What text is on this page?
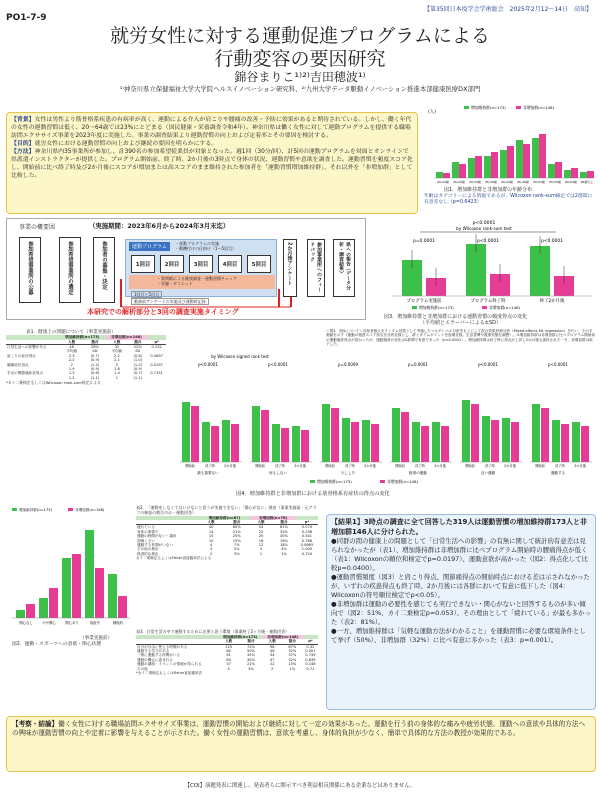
PO1-7-9
【第35回日本疫学会学術総会　2025年2月12～14日　高知】
就労女性に対する運動促進プログラムによる
行動変容の要因研究
錦谷まりこ¹⁾²⁾吉田穂波¹⁾
¹⁾神奈川県立保健福祉大学大学院ヘルスイノベーション研究科、²⁾九州大学データ駆動イノベーション推進本部健康医療DX部門
【背景】女性は男性より筋骨格系疾患の有病率が高く、運動による介入が肩こりや腰痛の改善・予防に効果があると期待されている。しかし、働く年代の女性の運動習慣は低く、20～64歳では23%にとどまる（国民健康・栄養調査令和4年）。神奈川県は働く女性に対して運動プログラムを提供する職場訪問エクササイズ事業を2023年度に実施した。事業の調査結果より運動習慣の向上および定着率とその要因を検討する。
【目的】就労女性における運動習慣の向上および継続の要因を明らかにする。
【方法】神奈川県内35事業所が参加し、計390名の参加希望従業員が対象となった。週1回（30分/回）、計5回の運動プログラムを対面とオンラインで県派遣インストラクターが提供した。プログラム開始前、終了時、2か月後の3時点で身体の状況、運動習慣や意欲を調査した。運動習慣を頻度スコア化し、開始前に比べ終了時及び2か月後にスコアが増加または高スコアのまま維持された参加者を「運動習慣増加維持群」、それ以外を「非増加群」として比較した。
(人)
増加維持群(n=173)	非増加群(n=146)
20-24歳 25-29歳 30-34歳 35-39歳 40-44歳 45-49歳 50-54歳 55-59歳 60-64歳 65歳以上
図1．増加維持群と非増加群の年齢分布
年齢はカテゴリーによる情報であるが、Wilcoxon rank-sum検定では2群間に有意差なし（p=0.6423）
事業の概要図	（実施期間：2023年6月から2024年3月末迄）
参加希望事業所の公募	参加希望事業所の選定	参加者の募集・決定	運動プログラム
・運動プログラムの実施
・動機付けの仕掛け（1～5回目）
・質問紙による健康調査・運動習慣チェック
・栄養・ダイエット
1回目	2回目	3回目	4回目	5回目	2か月後アンケート	参加事業所へのフィードバック	県への報告（データ分析・調査結果）
1回目と5回目
勤務前アンケートの実施及び運動時記録
本研究での解析部分と3回の調査実施タイミング
p<0.0001
by Wilcoxon rank-sum test
p=0.0001
プログラム実施前
p<0.0001
プログラム終了時
p<0.0001
終了2か月後
増加維持群(n=173)	非増加群(n=146)
図3．増加維持群と非増加群における運動習慣の頻度得点の変化
（平均値とエラーバーによる±SD）
表1．健康上の問題について（事業実施前）
	増加維持群(n=173)		非増加群(n=146)		
	人数	割合	人数	割合	p*
日常生活への影響がある	48	28%	32	22%	0.232
	平均値	SD	平均値	SD	
肩こりの症状得点	2.3	(0.7)	2.2	(0.8)	0.3697
	2.2	(0.9)	2.1	(1.0)	
腰痛症状得点	2	(1-2)	2	(1-2)	0.0197
	1.9	(0.9)	1.8	(0.9)	
手足の関節痛症状得点	1.3	(0.6)	1.4	(0.7)	0.7151
	1.2	(1-1)	1	(1-1)	
*カイ二乗検定もしくはWilcoxon rank-sum検定による
＜図3．図4について＞対象者個人をランダム効果として考慮したマルチレベル分析をもとにして混合効果回帰分析（Mixed-effects ML regression）を行い、その予測値を示す（運動の頻度スコア得点を目的変数とし、群とタイムポイントを説明変数。生活習慣や健康状態を調整）。②増加維持群は非増加群に比べプログラム開始前の運動頻度得点が高かったが、運動頻度の変化は2群間で有意であった（p<0.0001）。増加維持群は終了時に得点が上昇し2か月後も維持された一方、非増加群は低下した。
by Wilcoxon signed rank test
p<0.0001
開始前	終了時	2か月後
最も重要ない
p<0.0001
開始前	終了時	2か月後
何もしない
p=0.0009
開始前	終了時	2か月後
少しした
p=0.0001
開始前	終了時	2か月後
軽度の運動
p<0.0001
開始前	終了時	2か月後
良い運動
p<0.0001
開始前	終了時	2か月後
運動する
増加維持群(n=173)	非増加群(n=146)
図4．増加維持群と非増加群における筋骨格系有症状の得点の変化
増加維持群(n=173)	非増加群(n=146)
関心なし	やや関心	関心あり	取組中	積極的
（事業実施前）
図2．運動・スポーツへの意欲・関心状態
表2．「運動をしなくてはいけないと思うが実施できない」「関心がない」理由（事業実施前・元グラフの参加の割合のみ・複数回答）
	増加維持群(n=67)		非増加群(n=78)		
	人数	割合	人数	割合	p*
疲れている	40	60%	54	81%	0.074
身体の事情で	14	21%	22	33%	0.236
運動の時間がない・場所	15	25%	20	30%	0.541
面倒くさい	10	15%	16	19%	0.786
運動する仲間がいない	4	7%	12	18%	0.0665
その他の理由	3	5%	3	4%	1.000
経済的な理由	2	3%	1	1%	0.724
カイ二乗検定もしくはFisher直接確率法による
表3．日常生活の中で運動するために必要と思う環境（事業終了2ヶ月後・複数回答）
	増加維持群(n=173)		非増加群(n=146)		
	人数	割合	人数	割合	p*
自分が自由に使える時間がある	125	72%	98	67%	0.32
運動する気力がある	80	50%	46	32%	0.001
一緒に運動する仲間がいる	61	35%	54	37%	0.749
運動の機会に恵まれる	60	35%	47	32%	0.639
運動の講座・イベントの情報が得られる	37	21%	22	15%	0.148
その他	5	3%	2	1%	0.71
*カイ二乗検定もしくはFisher直接確率法
【結果1】3時点の調査に全て回答した319人は運動習慣の増加維持群173人と非増加群146人に分けられた。
●同群の間の健康上の問題として「日常生活への影響」の有無に関して統計的有意差は見られなかったが（表1）、増加維持群は非増加群に比べプログラム開始時の腰痛得点が低く（表1：Wilcoxonの順位和検定でp=0.0197）、運動意欲が高かった（図2：得点化して比較p=0.0400）。
●運動習慣頻度（図3）と肩こり得点、関節痛得点の開始時点における差は示されなかったが、いずれの疾患得点も終了時、2か月後には各群において有意に低下した（図4：Wilcoxonの符号順位検定でp<0.05）。
●非増加群は運動の必要性を感じても実行できない・関心がないと回答するものが多い傾向で（図2：51%、カイ二乗検定p=0.053）、その理由として「疲れている」が最も多かった（表2：81%）。
●一方、増加維持群は「気軽な運動方法がわかること」を運動習慣に必要な環境条件として挙げ（50%）、非増加群（32%）に比べ有意に多かった（表3：p=0.001）。
【考察・結論】働く女性に対する職場訪問エクササイズ事業は、運動習慣の開始および継続に対して一定の効果があった。運動を行う前の身体的な痛みや疲労状態、運動への意欲や具体的方法への興味が運動習慣の向上や定着に影響を与えることが示された。働く女性の運動習慣は、意欲を考慮し、身体的負担が少なく、簡単で具体的な方法の教授が効果的である。
【COI】演題発表に関連し、発表者らに開示すべき利益相反関係にある企業などはありません。
